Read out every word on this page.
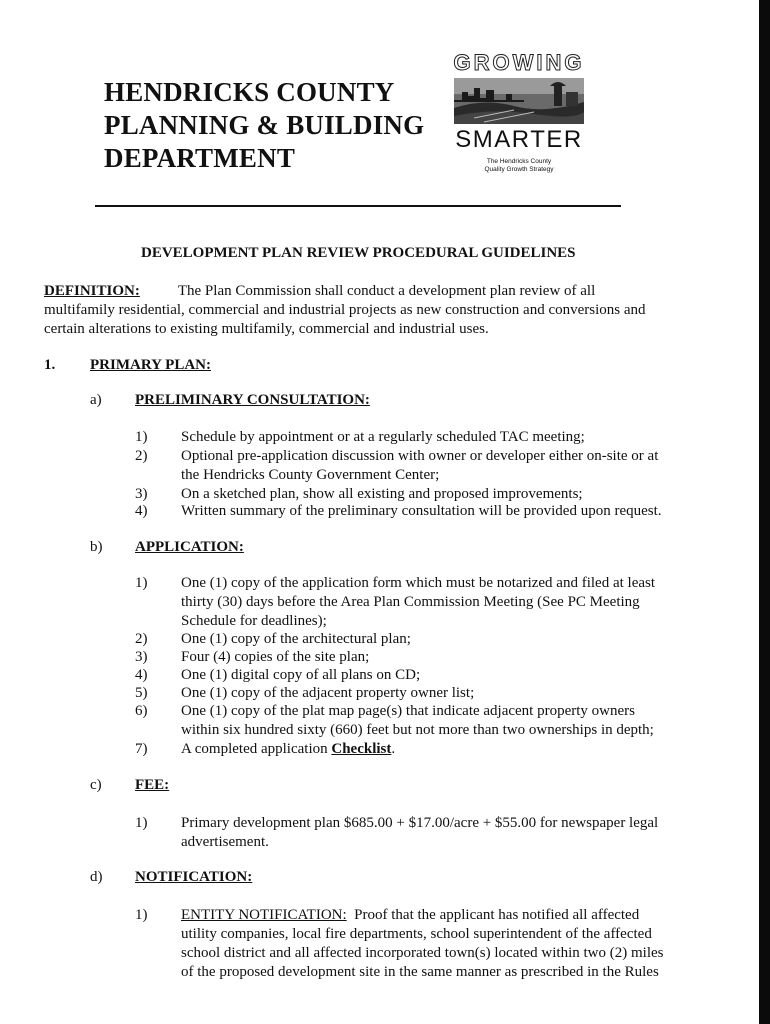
HENDRICKS COUNTY
PLANNING & BUILDING
DEPARTMENT
GROWING
SMARTER
The Hendricks County
Quality Growth Strategy
DEVELOPMENT PLAN REVIEW PROCEDURAL GUIDELINES
DEFINITION:	The Plan Commission shall conduct a development plan review of all
multifamily residential, commercial and industrial projects as new construction and conversions and
certain alterations to existing multifamily, commercial and industrial uses.
1. PRIMARY PLAN:
a) PRELIMINARY CONSULTATION:
1) Schedule by appointment or at a regularly scheduled TAC meeting;
2) Optional pre-application discussion with owner or developer either on-site or at
the Hendricks County Government Center;
3) On a sketched plan, show all existing and proposed improvements;
4) Written summary of the preliminary consultation will be provided upon request.
b) APPLICATION:
1) One (1) copy of the application form which must be notarized and filed at least
thirty (30) days before the Area Plan Commission Meeting (See PC Meeting
Schedule for deadlines);
2) One (1) copy of the architectural plan;
3) Four (4) copies of the site plan;
4) One (1) digital copy of all plans on CD;
5) One (1) copy of the adjacent property owner list;
6) One (1) copy of the plat map page(s) that indicate adjacent property owners
within six hundred sixty (660) feet but not more than two ownerships in depth;
7) A completed application Checklist.
c) FEE:
1) Primary development plan $685.00 + $17.00/acre + $55.00 for newspaper legal
advertisement.
d) NOTIFICATION:
1) ENTITY NOTIFICATION:  Proof that the applicant has notified all affected
utility companies, local fire departments, school superintendent of the affected
school district and all affected incorporated town(s) located within two (2) miles
of the proposed development site in the same manner as prescribed in the Rules
